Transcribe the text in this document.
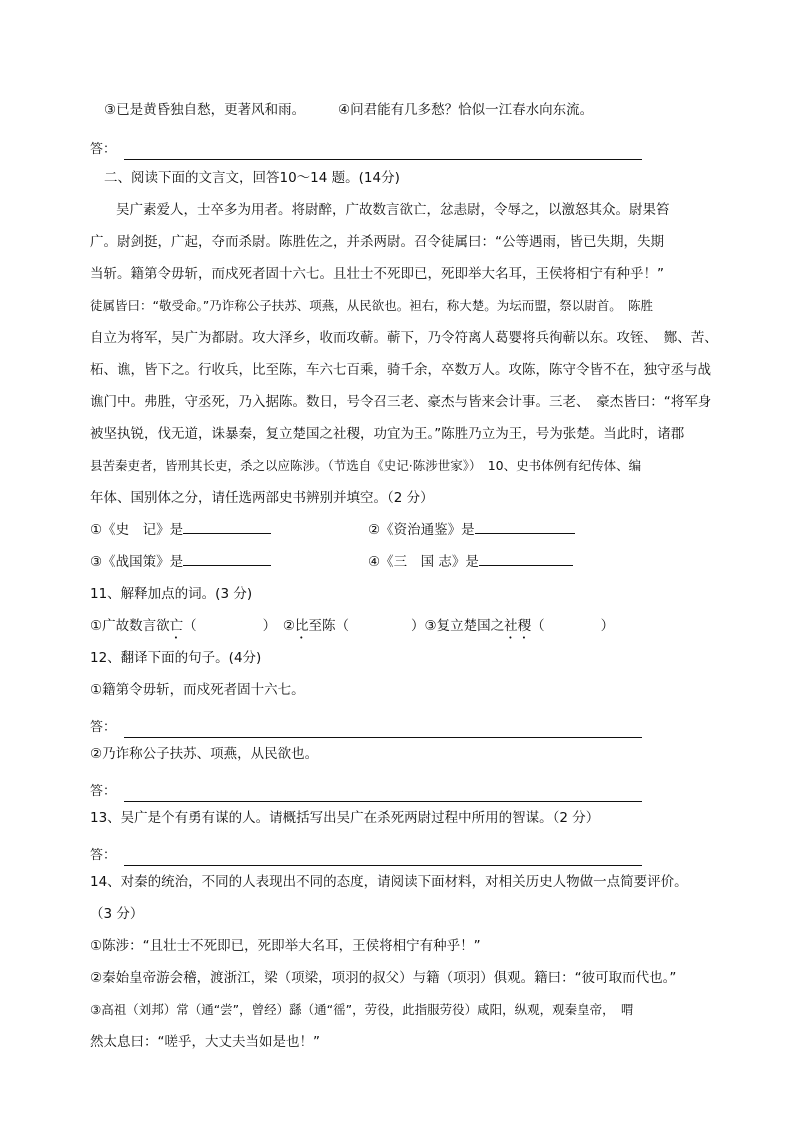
③已是黄昏独自愁，更著风和雨。 ④问君能有几多愁？恰似一江春水向东流。
答：
二、阅读下面的文言文，回答10～14 题。(14分)
吴广素爱人，士卒多为用者。将尉醉，广故数言欲亡，忿恚尉，令辱之，以激怒其众。尉果笞
广。尉剑挺，广起，夺而杀尉。陈胜佐之，并杀两尉。召令徒属曰：“公等遇雨，皆已失期，失期
当斩。籍第令毋斩，而戍死者固十六七。且壮士不死即已，死即举大名耳，王侯将相宁有种乎！”
徒属皆曰：“敬受命。”乃诈称公子扶苏、项燕，从民欲也。袒右，称大楚。为坛而盟，祭以尉首。　陈胜
自立为将军，吴广为都尉。攻大泽乡，收而攻蕲。蕲下，乃令符离人葛婴将兵徇蕲以东。攻铚、　酂、苦、
柘、谯，皆下之。行收兵，比至陈，车六七百乘，骑千余，卒数万人。攻陈，陈守令皆不在，独守丞与战
谯门中。弗胜，守丞死，乃入据陈。数日，号令召三老、豪杰与皆来会计事。三老、　豪杰皆曰：“将军身
被坚执锐，伐无道，诛暴秦，复立楚国之社稷，功宜为王。”陈胜乃立为王，号为张楚。当此时，诸郡
县苦秦吏者，皆刑其长吏，杀之以应陈涉。（节选自《史记·陈涉世家》）　10、史书体例有纪传体、编
年体、国别体之分，请任选两部史书辨别并填空。（2 分）
①《史　记》是	②《资治通鉴》是
③《战国策》是	④《三　国 志》是
11、解释加点的词。(3 分)
①广故数言欲亡（	）　②比至陈（	）③复立楚国之社稷（	）
12、翻译下面的句子。(4分)
①籍第令毋斩，而戍死者固十六七。
答：
②乃诈称公子扶苏、项燕，从民欲也。
答：
13、吴广是个有勇有谋的人。请概括写出吴广在杀死两尉过程中所用的智谋。（2 分）
答：
14、对秦的统治，不同的人表现出不同的态度，请阅读下面材料，对相关历史人物做一点简要评价。
（3 分）
①陈涉：“且壮士不死即已，死即举大名耳，王侯将相宁有种乎！”
②秦始皇帝游会稽，渡浙江，梁（项梁，项羽的叔父）与籍（项羽）俱观。籍曰：“彼可取而代也。”
③高祖（刘邦）常（通“尝”，曾经）繇（通“徭”，劳役，此指服劳役）咸阳，纵观，观秦皇帝，　喟
然太息曰：“嗟乎，大丈夫当如是也！”
